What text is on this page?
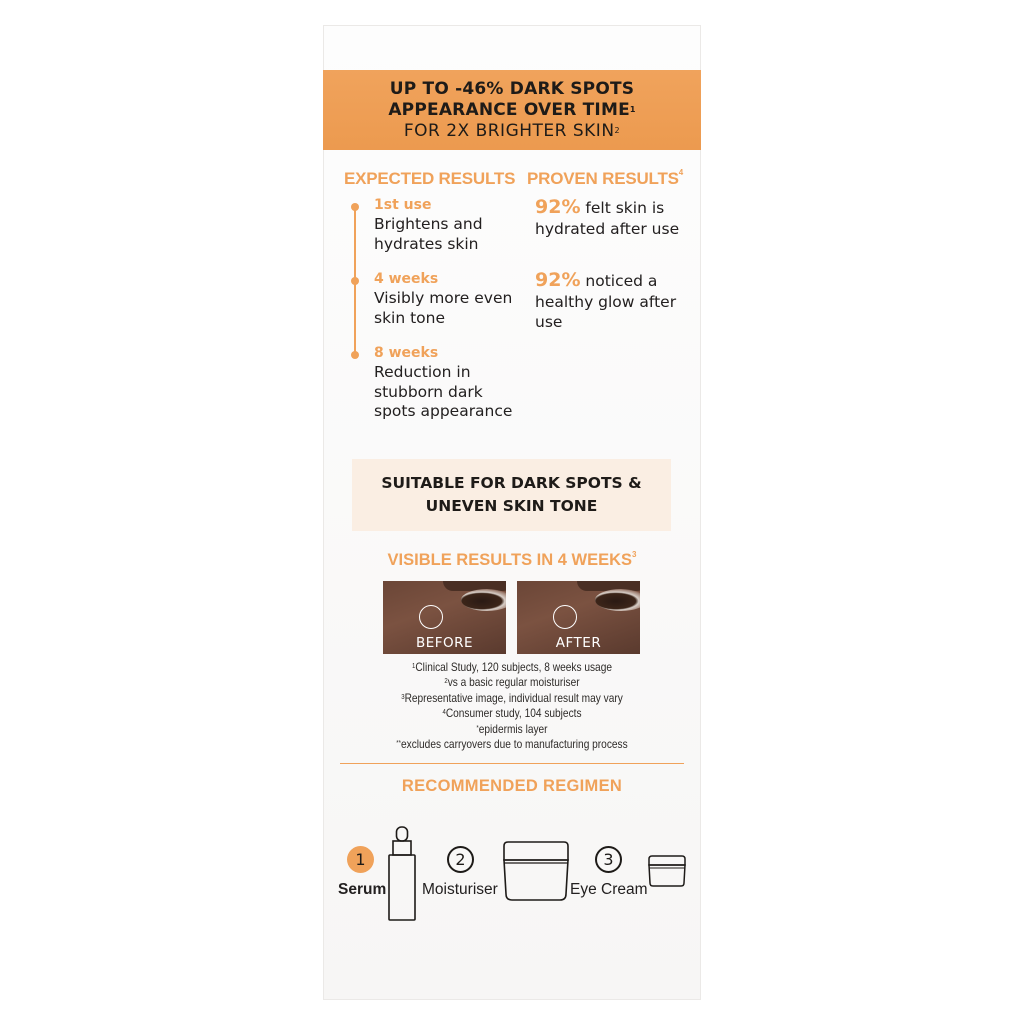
UP TO -46% DARK SPOTS
APPEARANCE OVER TIME$^1$
FOR 2X BRIGHTER SKIN$^2$
EXPECTED RESULTS PROVEN RESULTS$^4$
1st use
Brightens and hydrates skin
4 weeks
Visibly more even skin tone
8 weeks
Reduction in stubborn dark spots appearance
92% felt skin is hydrated after use
92% noticed a healthy glow after use
SUITABLE FOR DARK SPOTS &
UNEVEN SKIN TONE
VISIBLE RESULTS IN 4 WEEKS$^3$
BEFORE	AFTER
$^1$Clinical Study, 120 subjects, 8 weeks usage
$^2$vs a basic regular moisturiser
$^3$Representative image, individual result may vary
$^4$Consumer study, 104 subjects
*epidermis layer
**excludes carryovers due to manufacturing process
RECOMMENDED REGIMEN
1
Serum
2
Moisturiser
3
Eye Cream
